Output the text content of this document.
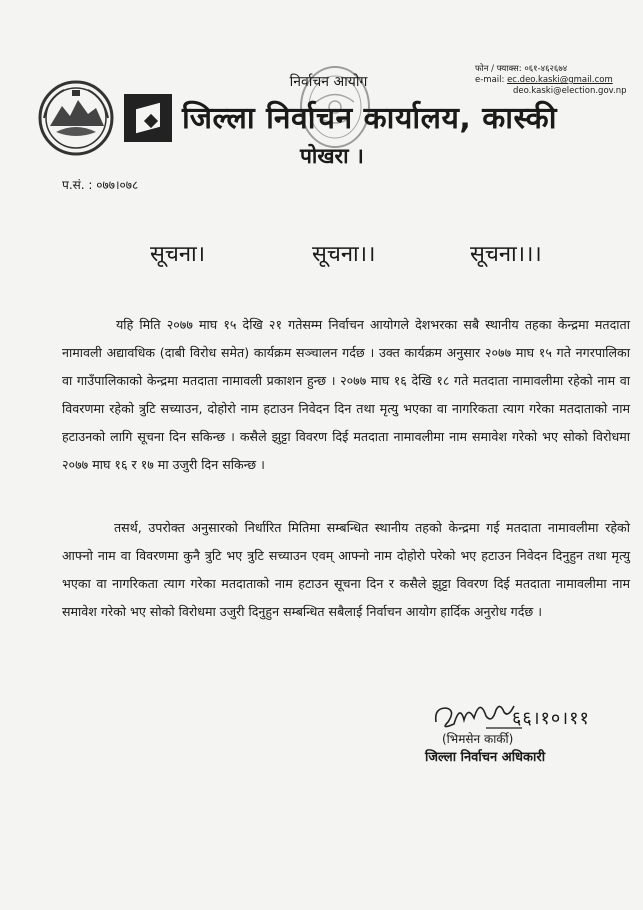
निर्वाचन आयोग
जिल्ला निर्वाचन कार्यालय, कास्की
पोखरा ।
फोन / फ्याक्स: ०६१-४६२६७४
e-mail: ec.deo.kaski@gmail.com
deo.kaski@election.gov.np
प.सं. : ०७७।०७८
सूचना।	सूचना।।	सूचना।।।

यहि मिति २०७७ माघ १५ देखि २१ गतेसम्म निर्वाचन आयोगले देशभरका सबै स्थानीय तहका केन्द्रमा मतदाता नामावली अद्यावधिक (दाबी विरोध समेत) कार्यक्रम सञ्चालन गर्दछ । उक्त कार्यक्रम अनुसार २०७७ माघ १५ गते नगरपालिका वा गाउँपालिकाको केन्द्रमा मतदाता नामावली प्रकाशन हुन्छ । २०७७ माघ १६ देखि १८ गते मतदाता नामावलीमा रहेको नाम वा विवरणमा रहेको त्रुटि सच्याउन, दोहोरो नाम हटाउन निवेदन दिन तथा मृत्यु भएका वा नागरिकता त्याग गरेका मतदाताको नाम हटाउनको लागि सूचना दिन सकिन्छ । कसैले झुट्टा विवरण दिई मतदाता नामावलीमा नाम समावेश गरेको भए सोको विरोधमा २०७७ माघ १६ र १७ मा उजुरी दिन सकिन्छ ।

तसर्थ, उपरोक्त अनुसारको निर्धारित मितिमा सम्बन्धित स्थानीय तहको केन्द्रमा गई मतदाता नामावलीमा रहेको आफ्नो नाम वा विवरणमा कुनै त्रुटि भए त्रुटि सच्याउन एवम् आफ्नो नाम दोहोरो परेको भए हटाउन निवेदन दिनुहुन तथा मृत्यु भएका वा नागरिकता त्याग गरेका मतदाताको नाम हटाउन सूचना दिन र कसैले झुट्टा विवरण दिई मतदाता नामावलीमा नाम समावेश गरेको भए सोको विरोधमा उजुरी दिनुहुन सम्बन्धित सबैलाई निर्वाचन आयोग हार्दिक अनुरोध गर्दछ ।

६६।१०।११
(भिमसेन कार्की)
जिल्ला निर्वाचन अधिकारी
